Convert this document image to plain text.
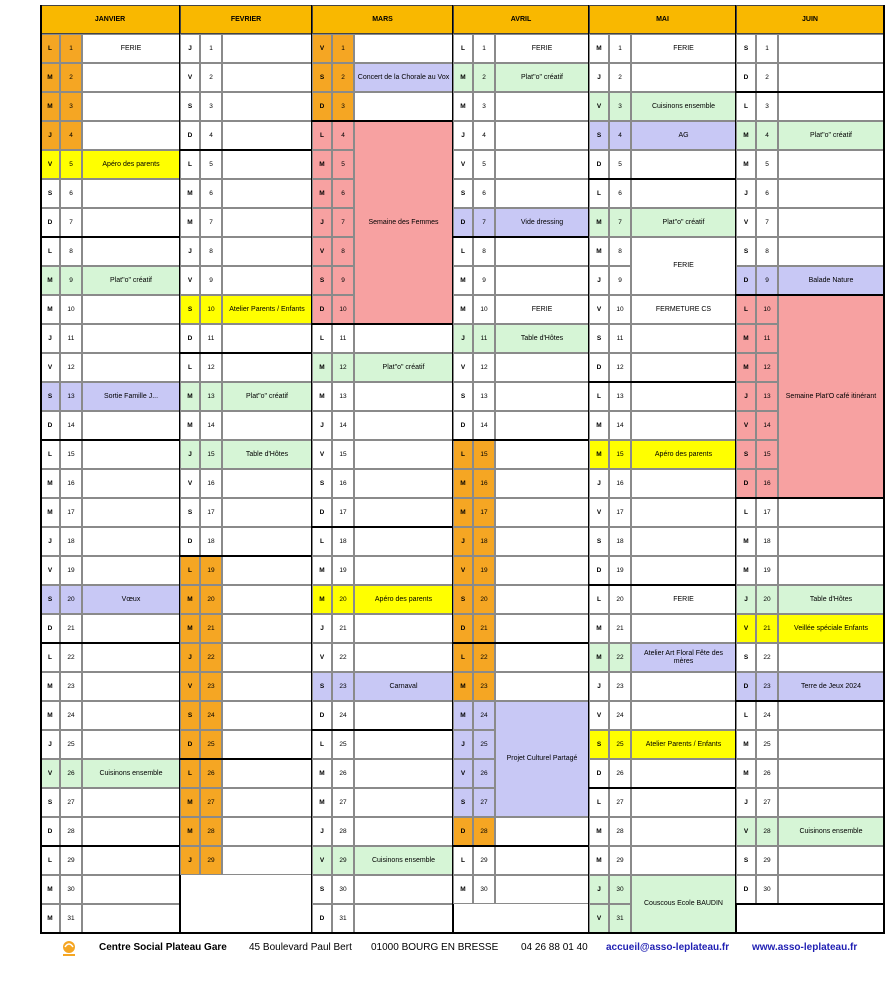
JANVIER
L	1	FERIE
M	2
M	3
J	4
V	5	Apéro des parents
S	6
D	7
L	8
M	9	Plat"o" créatif
M	10
J	11
V	12
S	13	Sortie Famille J...
D	14
L	15
M	16
M	17
J	18
V	19
S	20	Vœux
D	21
L	22
M	23
M	24
J	25
V	26	Cuisinons ensemble
S	27
D	28
L	29
M	30
M	31
FEVRIER
J	1
V	2
S	3
D	4
L	5
M	6
M	7
J	8
V	9
S	10	Atelier Parents / Enfants
D	11
L	12
M	13	Plat"o" créatif
M	14
J	15	Table d'Hôtes
V	16
S	17
D	18
L	19
M	20
M	21
J	22
V	23
S	24
D	25
L	26
M	27
M	28
J	29
MARS
V	1
S	2	Concert de la Chorale au Vox
D	3
L	4
Semaine des Femmes
M	5
M	6
J	7
V	8
S	9
D	10
L	11
M	12	Plat"o" créatif
M	13
J	14
V	15
S	16
D	17
L	18
M	19
M	20	Apéro des parents
J	21
V	22
S	23	Carnaval
D	24
L	25
M	26
M	27
J	28
V	29	Cuisinons ensemble
S	30
D	31
AVRIL
L	1	FERIE
M	2	Plat"o" créatif
M	3
J	4
V	5
S	6
D	7	Vide dressing
L	8
M	9
M	10	FERIE
J	11	Table d'Hôtes
V	12
S	13
D	14
L	15
M	16
M	17
J	18
V	19
S	20
D	21
L	22
M	23
M	24
Projet Culturel Partagé
J	25
V	26
S	27
D	28
L	29
M	30
MAI
M	1	FERIE
J	2
V	3	Cuisinons ensemble
S	4	AG
D	5
L	6
M	7	Plat"o" créatif
M	8
FERIE
J	9
V	10	FERMETURE CS
S	11
D	12
L	13
M	14
M	15	Apéro des parents
J	16
V	17
S	18
D	19
L	20	FERIE
M	21
M	22
Atelier Art Floral Fête des mères
J	23
V	24
S	25	Atelier Parents / Enfants
D	26
L	27
M	28
M	29
J	30
Couscous Ecole BAUDIN
V	31
JUIN
S	1
D	2
L	3
M	4	Plat"o" créatif
M	5
J	6
V	7
S	8
D	9	Balade Nature
L	10
Semaine Plat'O café itinérant
M	11
M	12
J	13
V	14
S	15
D	16
L	17
M	18
M	19
J	20	Table d'Hôtes
V	21	Veillée spéciale Enfants
S	22
D	23	Terre de Jeux 2024
L	24
M	25
M	26
J	27
V	28	Cuisinons ensemble
S	29
D	30
Centre Social Plateau Gare 45 Boulevard Paul Bert 01000 BOURG EN BRESSE 04 26 88 01 40 accueil@asso-leplateau.fr www.asso-leplateau.fr
